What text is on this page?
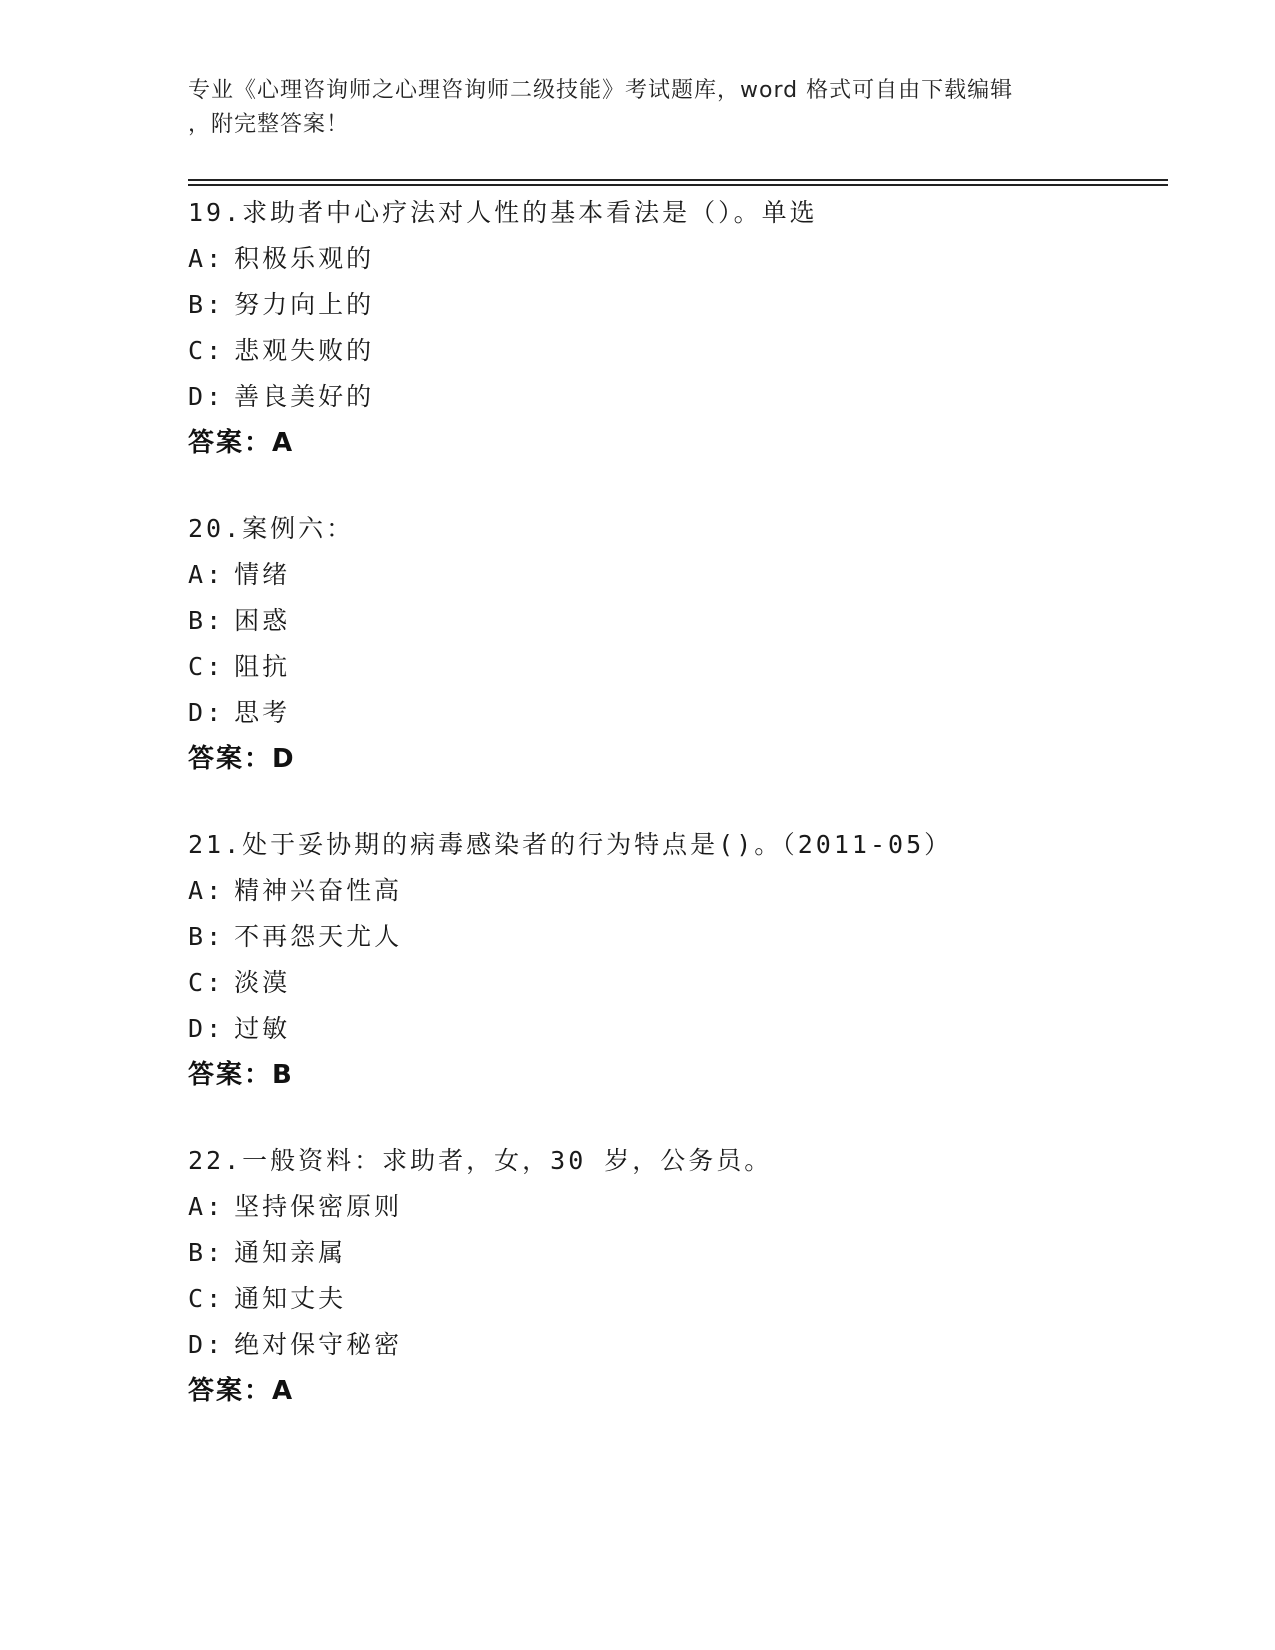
专业《心理咨询师之心理咨询师二级技能》考试题库，word 格式可自由下载编辑
，附完整答案！
19.求助者中心疗法对人性的基本看法是（）。单选
A: 积极乐观的
B: 努力向上的
C: 悲观失败的
D: 善良美好的
答案：A
20.案例六：
A: 情绪
B: 困惑
C: 阻抗
D: 思考
答案：D
21.处于妥协期的病毒感染者的行为特点是()。（2011-05）
A: 精神兴奋性高
B: 不再怨天尤人
C: 淡漠
D: 过敏
答案：B
22.一般资料：求助者，女，30 岁，公务员。
A: 坚持保密原则
B: 通知亲属
C: 通知丈夫
D: 绝对保守秘密
答案：A
